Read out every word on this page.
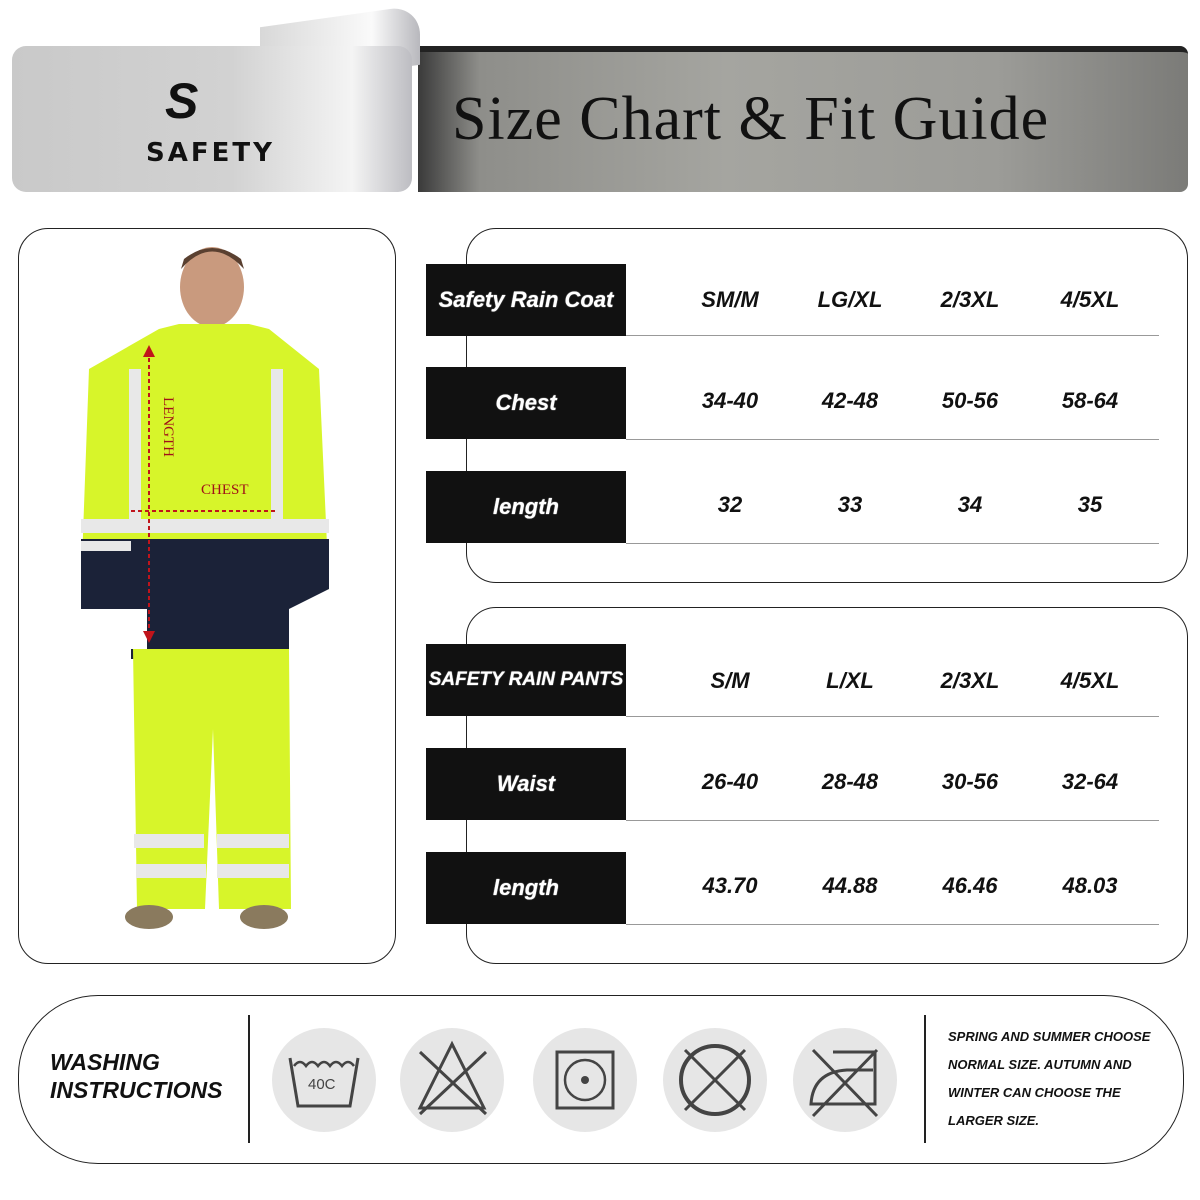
S
SAFETY	Size Chart & Fit Guide
LENGTH
CHEST
Safety Rain Coat	SM/M	LG/XL	2/3XL	4/5XL
Chest	34-40	42-48	50-56	58-64
length	32	33	34	35
SAFETY RAIN PANTS	S/M	L/XL	2/3XL	4/5XL
Waist	26-40	28-48	30-56	32-64
length	43.70	44.88	46.46	48.03
WASHING
INSTRUCTIONS	40C
SPRING AND SUMMER CHOOSE
NORMAL SIZE. AUTUMN AND
WINTER CAN CHOOSE THE
LARGER SIZE.
